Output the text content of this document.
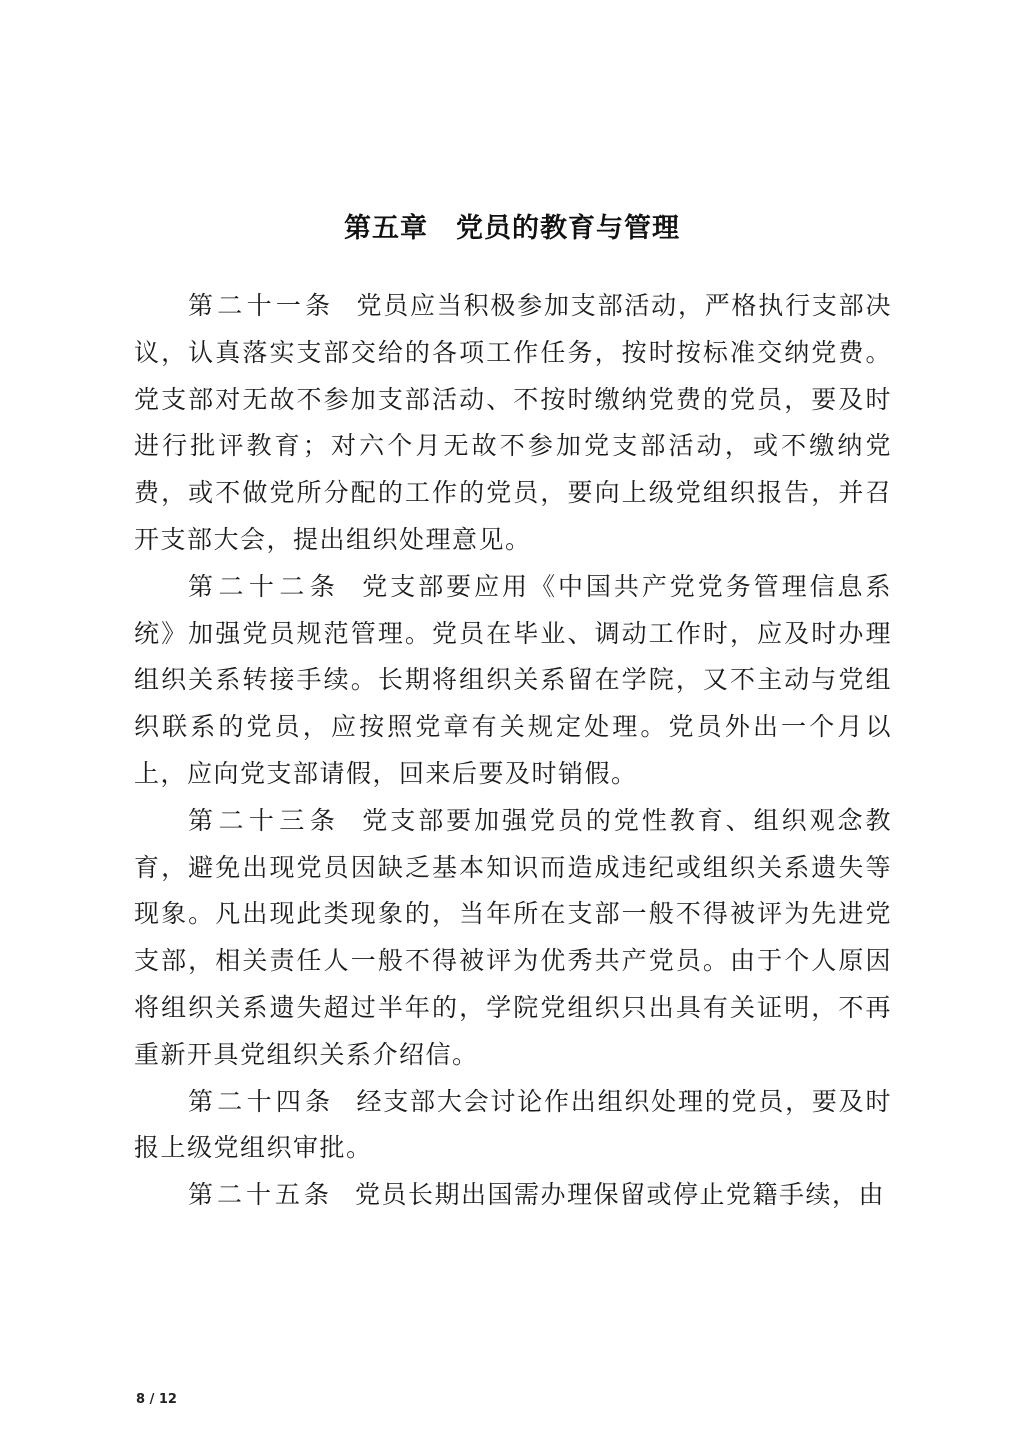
第五章　党员的教育与管理

第二十一条 党员应当积极参加支部活动，严格执行支部决议，认真落实支部交给的各项工作任务，按时按标准交纳党费。党支部对无故不参加支部活动、不按时缴纳党费的党员，要及时进行批评教育；对六个月无故不参加党支部活动，或不缴纳党费，或不做党所分配的工作的党员，要向上级党组织报告，并召开支部大会，提出组织处理意见。

第二十二条 党支部要应用《中国共产党党务管理信息系统》加强党员规范管理。党员在毕业、调动工作时，应及时办理组织关系转接手续。长期将组织关系留在学院，又不主动与党组织联系的党员，应按照党章有关规定处理。党员外出一个月以上，应向党支部请假，回来后要及时销假。

第二十三条 党支部要加强党员的党性教育、组织观念教育，避免出现党员因缺乏基本知识而造成违纪或组织关系遗失等现象。凡出现此类现象的，当年所在支部一般不得被评为先进党支部，相关责任人一般不得被评为优秀共产党员。由于个人原因将组织关系遗失超过半年的，学院党组织只出具有关证明，不再重新开具党组织关系介绍信。

第二十四条 经支部大会讨论作出组织处理的党员，要及时报上级党组织审批。

第二十五条 党员长期出国需办理保留或停止党籍手续，由

8 / 12
